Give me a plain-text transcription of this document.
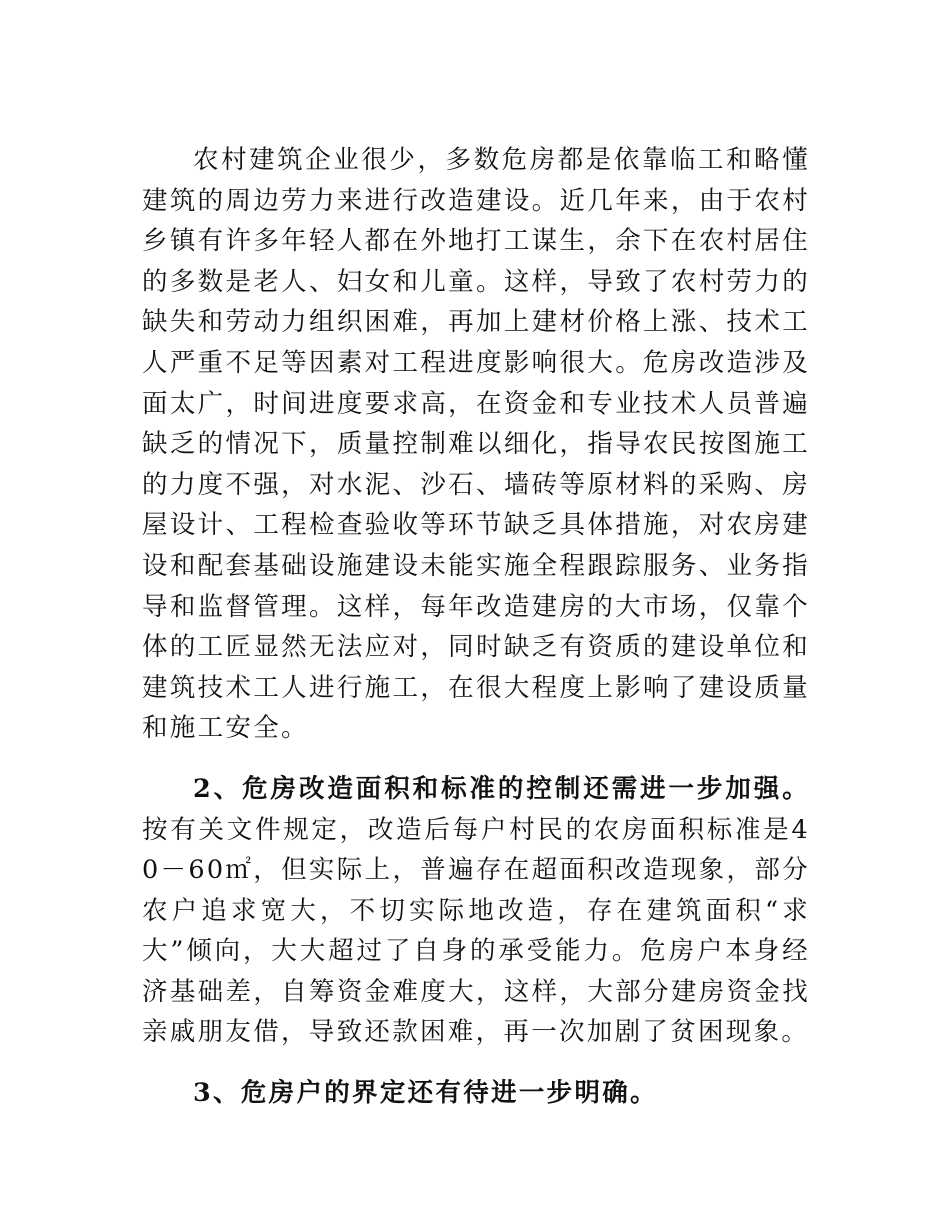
农村建筑企业很少，多数危房都是依靠临工和略懂建筑的周边劳力来进行改造建设。近几年来，由于农村乡镇有许多年轻人都在外地打工谋生，余下在农村居住的多数是老人、妇女和儿童。这样，导致了农村劳力的缺失和劳动力组织困难，再加上建材价格上涨、技术工人严重不足等因素对工程进度影响很大。危房改造涉及面太广，时间进度要求高，在资金和专业技术人员普遍缺乏的情况下，质量控制难以细化，指导农民按图施工的力度不强，对水泥、沙石、墙砖等原材料的采购、房屋设计、工程检查验收等环节缺乏具体措施，对农房建设和配套基础设施建设未能实施全程跟踪服务、业务指导和监督管理。这样，每年改造建房的大市场，仅靠个体的工匠显然无法应对，同时缺乏有资质的建设单位和建筑技术工人进行施工，在很大程度上影响了建设质量和施工安全。

2、危房改造面积和标准的控制还需进一步加强。按有关文件规定，改造后每户村民的农房面积标准是40－60㎡，但实际上，普遍存在超面积改造现象，部分农户追求宽大，不切实际地改造，存在建筑面积“求大”倾向，大大超过了自身的承受能力。危房户本身经济基础差，自筹资金难度大，这样，大部分建房资金找亲戚朋友借，导致还款困难，再一次加剧了贫困现象。

3、危房户的界定还有待进一步明确。
